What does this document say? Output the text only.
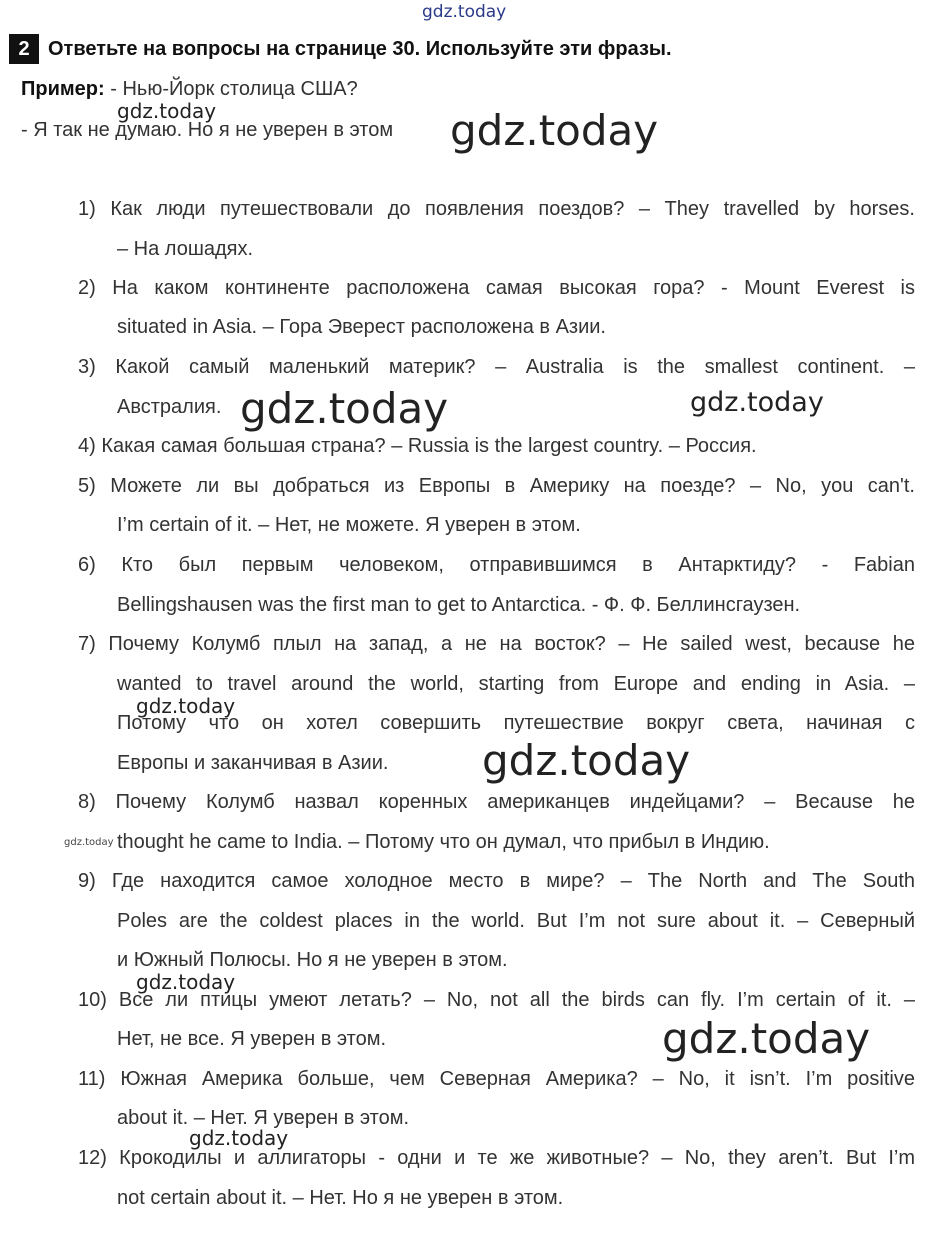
gdz.today
gdz.today	gdz.today
gdz.today	gdz.today
gdz.today
gdz.today
gdz.today
gdz.today
gdz.today
gdz.today
2 Ответьте на вопросы на странице 30. Используйте эти фразы.
Пример: - Нью-Йорк столица США?
- Я так не думаю. Но я не уверен в этом
1) Как люди путешествовали до появления поездов? – They travelled by horses.
– На лошадях.
2) На каком континенте расположена самая высокая гора? - Mount Everest is
situated in Asia. – Гора Эверест расположена в Азии.
3) Какой самый маленький материк? – Australia is the smallest continent. –
Австралия.
4) Какая самая большая страна? – Russia is the largest country. – Россия.
5) Можете ли вы добраться из Европы в Америку на поезде? – No, you can't.
I’m certain of it. – Нет, не можете. Я уверен в этом.
6) Кто был первым человеком, отправившимся в Антарктиду? - Fabian
Bellingshausen was the first man to get to Antarctica. - Ф. Ф. Беллинсгаузен.
7) Почему Колумб плыл на запад, а не на восток? – He sailed west, because he
wanted to travel around the world, starting from Europe and ending in Asia. –
Потому что он хотел совершить путешествие вокруг света, начиная с
Европы и заканчивая в Азии.
8) Почему Колумб назвал коренных американцев индейцами? – Because he
thought he came to India. – Потому что он думал, что прибыл в Индию.
9) Где находится самое холодное место в мире? – The North and The South
Poles are the coldest places in the world. But I’m not sure about it. – Северный
и Южный Полюсы. Но я не уверен в этом.
10) Все ли птицы умеют летать? – No, not all the birds can fly. I’m certain of it. –
Нет, не все. Я уверен в этом.
11) Южная Америка больше, чем Северная Америка? – No, it isn’t. I’m positive
about it. – Нет. Я уверен в этом.
12) Крокодилы и аллигаторы - одни и те же животные? – No, they aren’t. But I’m
not certain about it. – Нет. Но я не уверен в этом.
